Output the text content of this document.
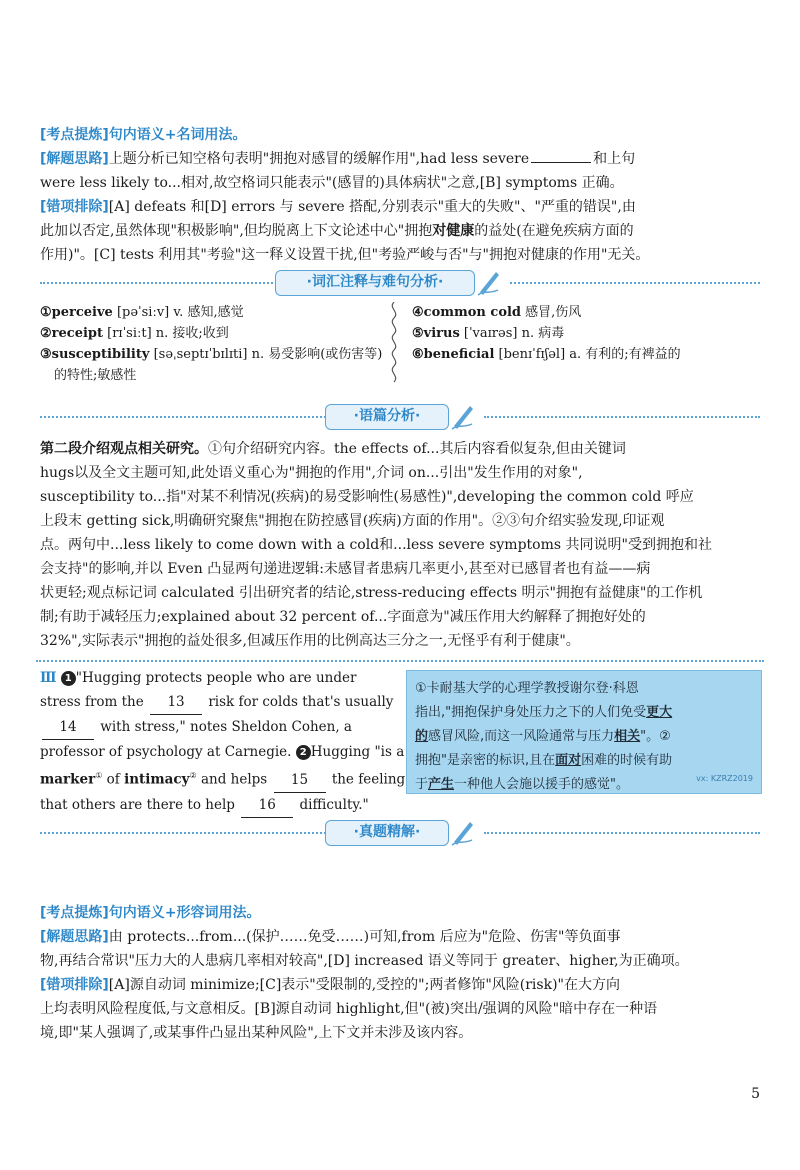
[考点提炼]句内语义+名词用法。
[解题思路]上题分析已知空格句表明"拥抱对感冒的缓解作用",had less severe	和上句
were less likely to...相对,故空格词只能表示"(感冒的)具体病状"之意,[B] symptoms 正确。
[错项排除][A] defeats 和[D] errors 与 severe 搭配,分别表示"重大的失败"、"严重的错误",由
此加以否定,虽然体现"积极影响",但均脱离上下文论述中心"拥抱对健康的益处(在避免疾病方面的
作用)"。[C] tests 利用其"考验"这一释义设置干扰,但"考验严峻与否"与"拥抱对健康的作用"无关。
·词汇注释与难句分析·
①perceive [pəˈsiːv] v. 感知,感觉
②receipt [rɪˈsiːt] n. 接收;收到
③susceptibility [səˌseptɪˈbɪlɪti] n. 易受影响(或伤害等)
的特性;敏感性
④common cold 感冒,伤风
⑤virus [ˈvaɪrəs] n. 病毒
⑥beneficial [benɪˈfɪʃəl] a. 有利的;有裨益的
·语篇分析·
第二段介绍观点相关研究。①句介绍研究内容。the effects of...其后内容看似复杂,但由关键词
hugs以及全文主题可知,此处语义重心为"拥抱的作用",介词 on...引出"发生作用的对象",
susceptibility to...指"对某不利情况(疾病)的易受影响性(易感性)",developing the common cold 呼应
上段末 getting sick,明确研究聚焦"拥抱在防控感冒(疾病)方面的作用"。②③句介绍实验发现,印证观
点。两句中...less likely to come down with a cold和...less severe symptoms 共同说明"受到拥抱和社
会支持"的影响,并以 Even 凸显两句递进逻辑:未感冒者患病几率更小,甚至对已感冒者也有益——病
状更轻;观点标记词 calculated 引出研究者的结论,stress-reducing effects 明示"拥抱有益健康"的工作机
制;有助于减轻压力;explained about 32 percent of...字面意为"减压作用大约解释了拥抱好处的
32%",实际表示"拥抱的益处很多,但减压作用的比例高达三分之一,无怪乎有利于健康"。
Ⅲ 1 "Hugging protects people who are under
stress from the 13 risk for colds that's usually
14 with stress," notes Sheldon Cohen, a
professor of psychology at Carnegie. 2 Hugging "is a
marker① of intimacy② and helps 15 the feeling
that others are there to help 16 difficulty."
①卡耐基大学的心理学教授谢尔登·科恩
指出,"拥抱保护身处压力之下的人们免受更大
的感冒风险,而这一风险通常与压力相关"。②
拥抱"是亲密的标识,且在面对困难的时候有助
于产生一种他人会施以援手的感觉"。	vx: KZRZ2019
·真题精解·
[考点提炼]句内语义+形容词用法。
[解题思路]由 protects...from...(保护……免受……)可知,from 后应为"危险、伤害"等负面事
物,再结合常识"压力大的人患病几率相对较高",[D] increased 语义等同于 greater、higher,为正确项。
[错项排除][A]源自动词 minimize;[C]表示"受限制的,受控的";两者修饰"风险(risk)"在大方向
上均表明风险程度低,与文意相反。[B]源自动词 highlight,但"(被)突出/强调的风险"暗中存在一种语
境,即"某人强调了,或某事件凸显出某种风险",上下文并未涉及该内容。
5
